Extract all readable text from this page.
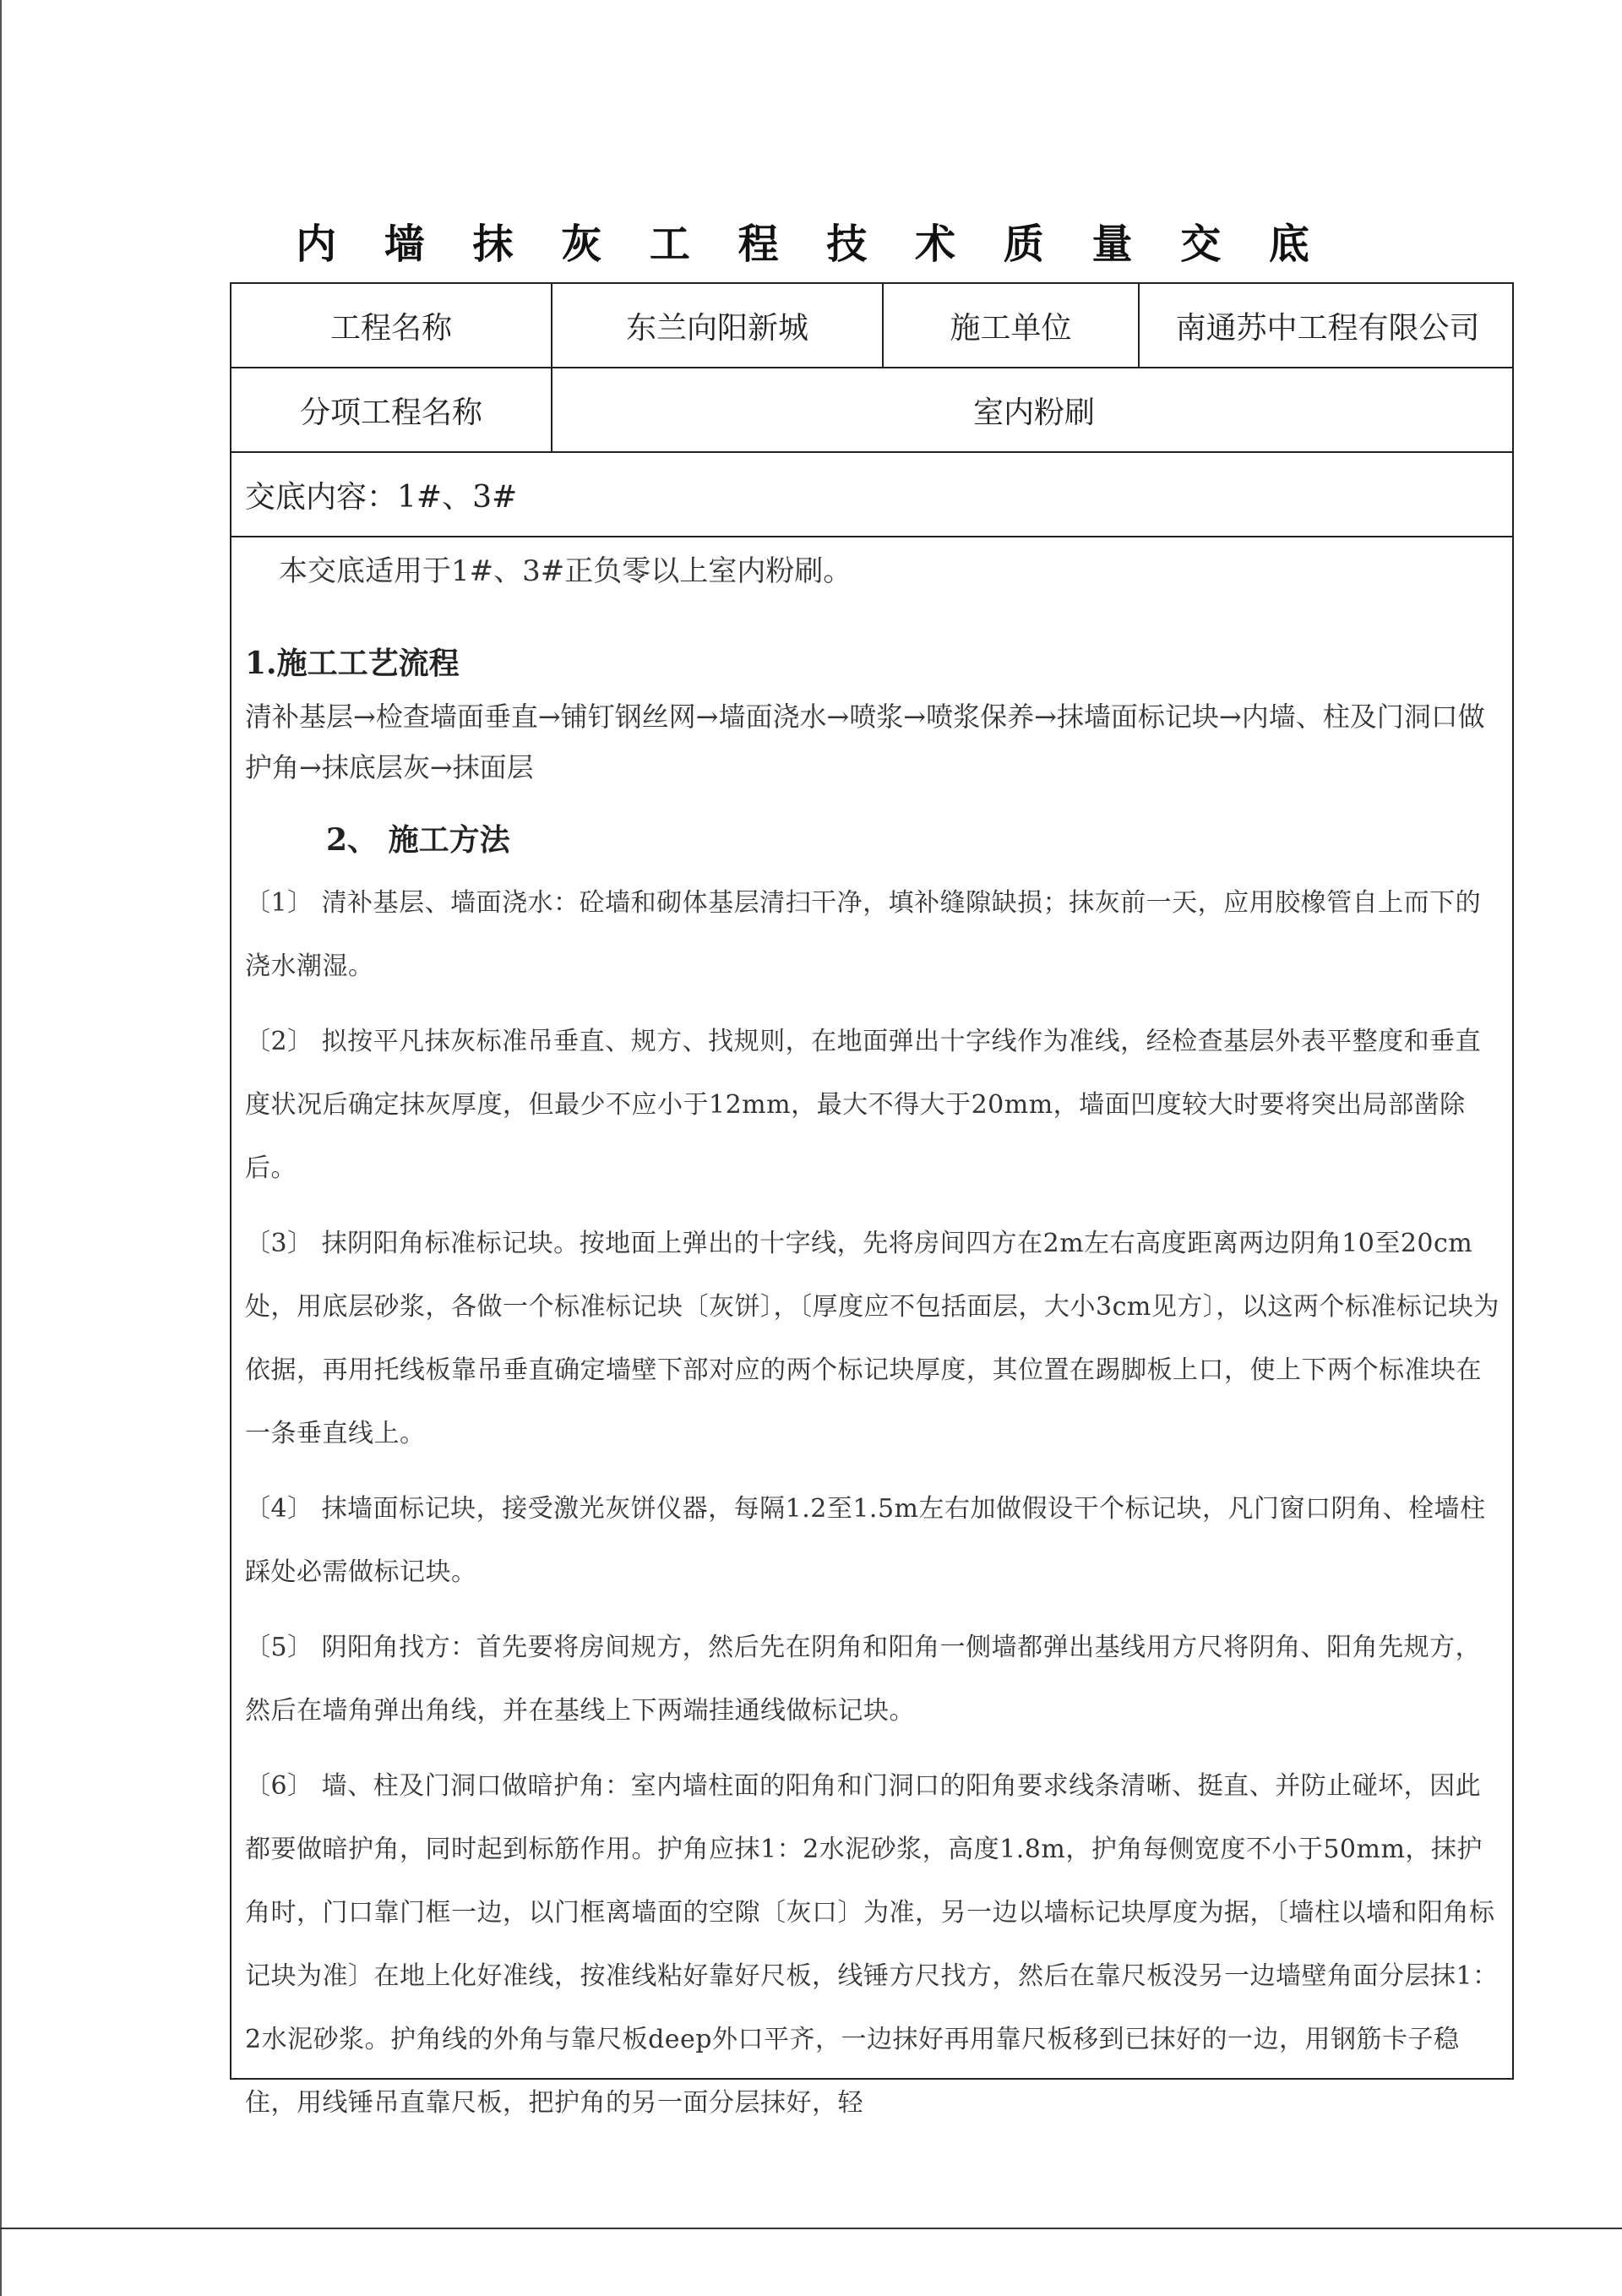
内 墙 抹 灰 工 程 技 术 质 量 交 底
工程名称	东兰向阳新城	施工单位	南通苏中工程有限公司
分项工程名称	室内粉刷
交底内容：1#、3#
本交底适用于1#、3#正负零以上室内粉刷。
1.施工工艺流程
清补基层→检查墙面垂直→铺钉钢丝网→墙面浇水→喷浆→喷浆保养→抹墙面标记块→内墙、柱及门洞口做护角→抹底层灰→抹面层
2、 施工方法
〔1〕 清补基层、墙面浇水：砼墙和砌体基层清扫干净，填补缝隙缺损；抹灰前一天，应用胶橡管自上而下的浇水潮湿。
〔2〕 拟按平凡抹灰标准吊垂直、规方、找规则，在地面弹出十字线作为准线，经检查基层外表平整度和垂直度状况后确定抹灰厚度，但最少不应小于12mm，最大不得大于20mm，墙面凹度较大时要将突出局部凿除后。
〔3〕 抹阴阳角标准标记块。按地面上弹出的十字线，先将房间四方在2m左右高度距离两边阴角10至20cm处，用底层砂浆，各做一个标准标记块〔灰饼〕，〔厚度应不包括面层，大小3cm见方〕，以这两个标准标记块为依据，再用托线板靠吊垂直确定墙壁下部对应的两个标记块厚度，其位置在踢脚板上口，使上下两个标准块在一条垂直线上。
〔4〕 抹墙面标记块，接受激光灰饼仪器，每隔1.2至1.5m左右加做假设干个标记块，凡门窗口阴角、栓墙柱踩处必需做标记块。
〔5〕 阴阳角找方：首先要将房间规方，然后先在阴角和阳角一侧墙都弹出基线用方尺将阴角、阳角先规方，然后在墙角弹出角线，并在基线上下两端挂通线做标记块。
〔6〕 墙、柱及门洞口做暗护角：室内墙柱面的阳角和门洞口的阳角要求线条清晰、挺直、并防止碰坏，因此都要做暗护角，同时起到标筋作用。护角应抹1：2水泥砂浆，高度1.8m，护角每侧宽度不小于50mm，抹护角时，门口靠门框一边，以门框离墙面的空隙〔灰口〕为准，另一边以墙标记块厚度为据，〔墙柱以墙和阳角标记块为准〕在地上化好准线，按准线粘好靠好尺板，线锤方尺找方，然后在靠尺板没另一边墙壁角面分层抹1：2水泥砂浆。护角线的外角与靠尺板deep外口平齐，一边抹好再用靠尺板移到已抹好的一边，用钢筋卡子稳住，用线锤吊直靠尺板，把护角的另一面分层抹好，轻
